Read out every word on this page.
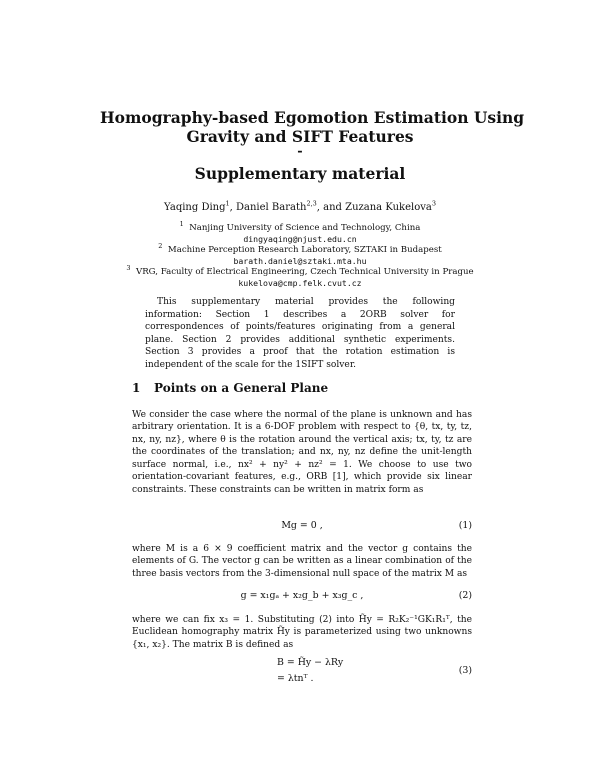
Homography-based Egomotion Estimation Using
Gravity and SIFT Features
-
Supplementary material
Yaqing Ding$^1$, Daniel Barath$^{2,3}$, and Zuzana Kukelova$^3$
$^1$ Nanjing University of Science and Technology, China
dingyaqing@njust.edu.cn
$^2$ Machine Perception Research Laboratory, SZTAKI in Budapest
barath.daniel@sztaki.mta.hu
$^3$ VRG, Faculty of Electrical Engineering, Czech Technical University in Prague
kukelova@cmp.felk.cvut.cz
This supplementary material provides the following information: Section 1 describes a 2ORB solver for correspondences of points/features originating from a general plane. Section 2 provides additional synthetic experiments. Section 3 provides a proof that the rotation estimation is independent of the scale for the 1SIFT solver.
1 Points on a General Plane
We consider the case where the normal of the plane is unknown and has arbitrary orientation. It is a 6-DOF problem with respect to {θ, tx, ty, tz, nx, ny, nz}, where θ is the rotation around the vertical axis; tx, ty, tz are the coordinates of the translation; and nx, ny, nz define the unit-length surface normal, i.e., nx² + ny² + nz² = 1. We choose to use two orientation-covariant features, e.g., ORB [1], which provide six linear constraints. These constraints can be written in matrix form as
Mg = 0 ,	(1)
where M is a 6 × 9 coefficient matrix and the vector g contains the elements of G. The vector g can be written as a linear combination of the three basis vectors from the 3-dimensional null space of the matrix M as
g = x₁gₐ + x₂g_b + x₃g_c ,	(2)
where we can fix x₃ = 1. Substituting (2) into H̃y = R₂K₂⁻¹GK₁R₁ᵀ, the Euclidean homography matrix H̃y is parameterized using two unknowns {x₁, x₂}. The matrix B is defined as
B = H̃y − λRy
= λtnᵀ .
(3)
